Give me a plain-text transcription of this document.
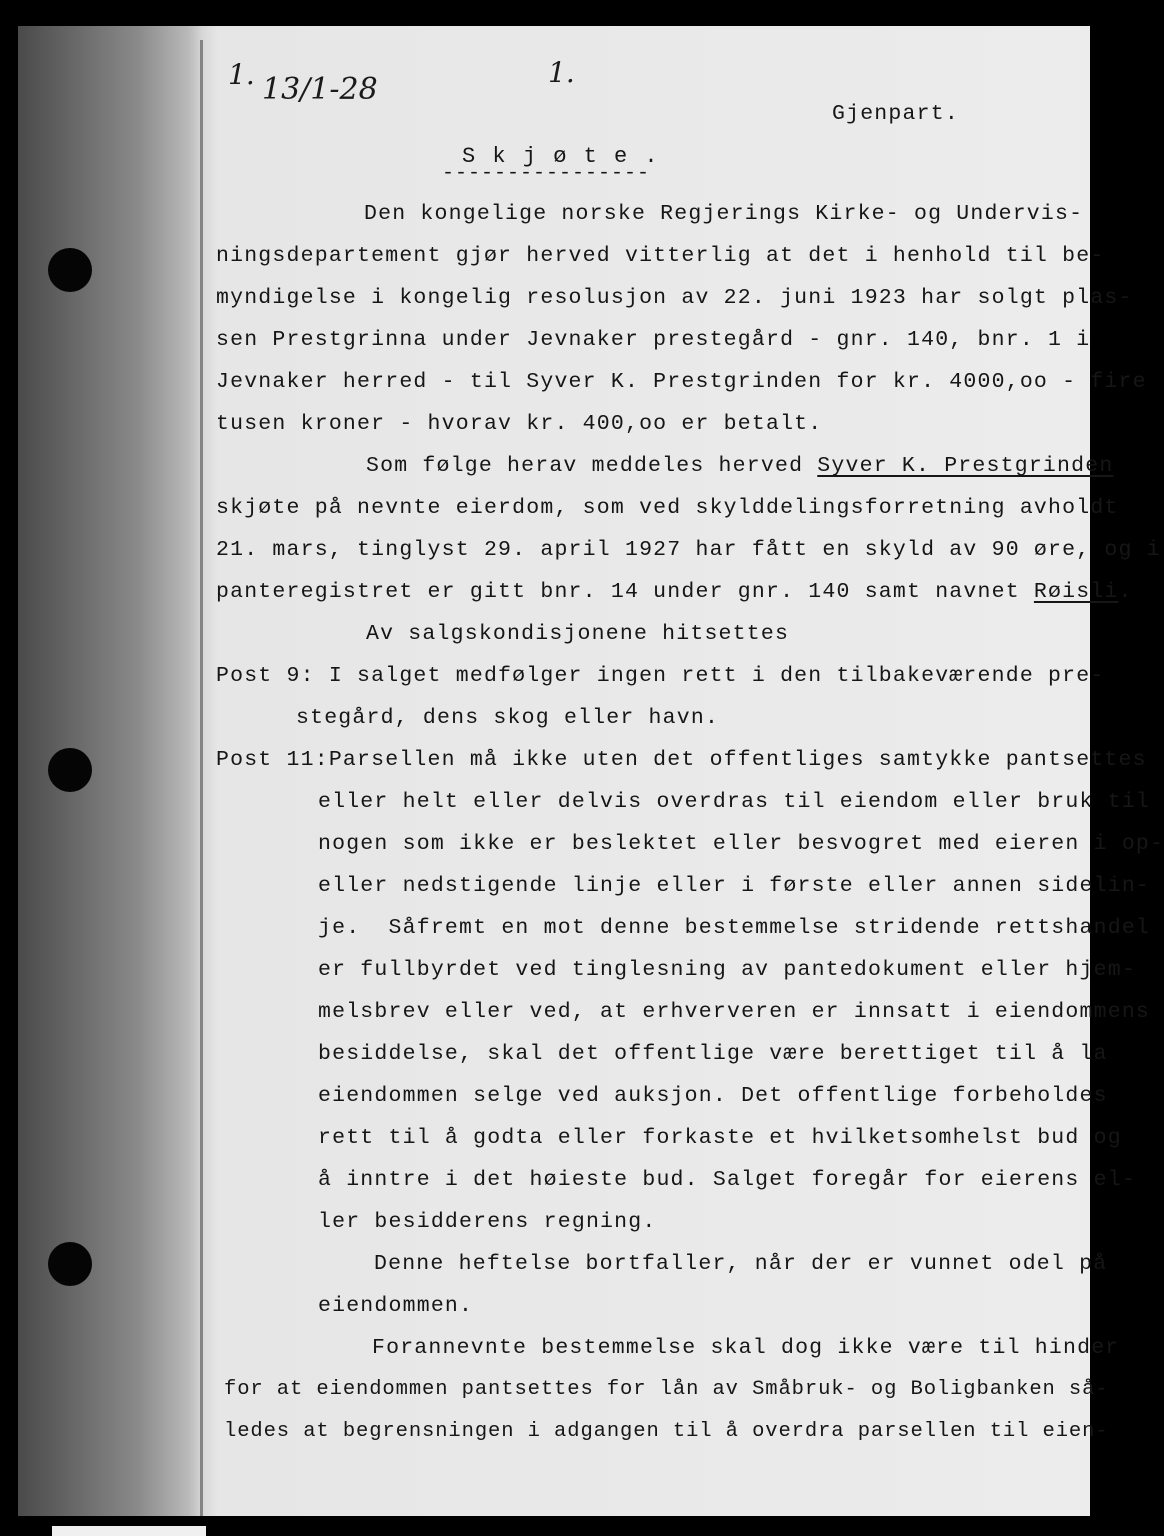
1. 13/1-28	1.
Gjenpart.
S k j ø t e .
----------------
Den kongelige norske Regjerings Kirke- og Undervis-
ningsdepartement gjør herved vitterlig at det i henhold til be-
myndigelse i kongelig resolusjon av 22. juni 1923 har solgt plas-
sen Prestgrinna under Jevnaker prestegård - gnr. 140, bnr. 1 i
Jevnaker herred - til Syver K. Prestgrinden for kr. 4000,oo - fire
tusen kroner - hvorav kr. 400,oo er betalt.
Som følge herav meddeles herved Syver K. Prestgrinden
skjøte på nevnte eierdom, som ved skylddelingsforretning avholdt
21. mars, tinglyst 29. april 1927 har fått en skyld av 90 øre, og i
panteregistret er gitt bnr. 14 under gnr. 140 samt navnet Røisli.
Av salgskondisjonene hitsettes
Post 9: I salget medfølger ingen rett i den tilbakeværende pre-
stegård, dens skog eller havn.
Post 11:Parsellen må ikke uten det offentliges samtykke pantsettes
eller helt eller delvis overdras til eiendom eller bruk til
nogen som ikke er beslektet eller besvogret med eieren i op-
eller nedstigende linje eller i første eller annen sidelin-
je.  Såfremt en mot denne bestemmelse stridende rettshandel
er fullbyrdet ved tinglesning av pantedokument eller hjem-
melsbrev eller ved, at erhververen er innsatt i eiendommens
besiddelse, skal det offentlige være berettiget til å la
eiendommen selge ved auksjon. Det offentlige forbeholdes
rett til å godta eller forkaste et hvilketsomhelst bud og
å inntre i det høieste bud. Salget foregår for eierens el-
ler besidderens regning.
Denne heftelse bortfaller, når der er vunnet odel på
eiendommen.
Forannevnte bestemmelse skal dog ikke være til hinder
for at eiendommen pantsettes for lån av Småbruk- og Boligbanken så-
ledes at begrensningen i adgangen til å overdra parsellen til eien-
